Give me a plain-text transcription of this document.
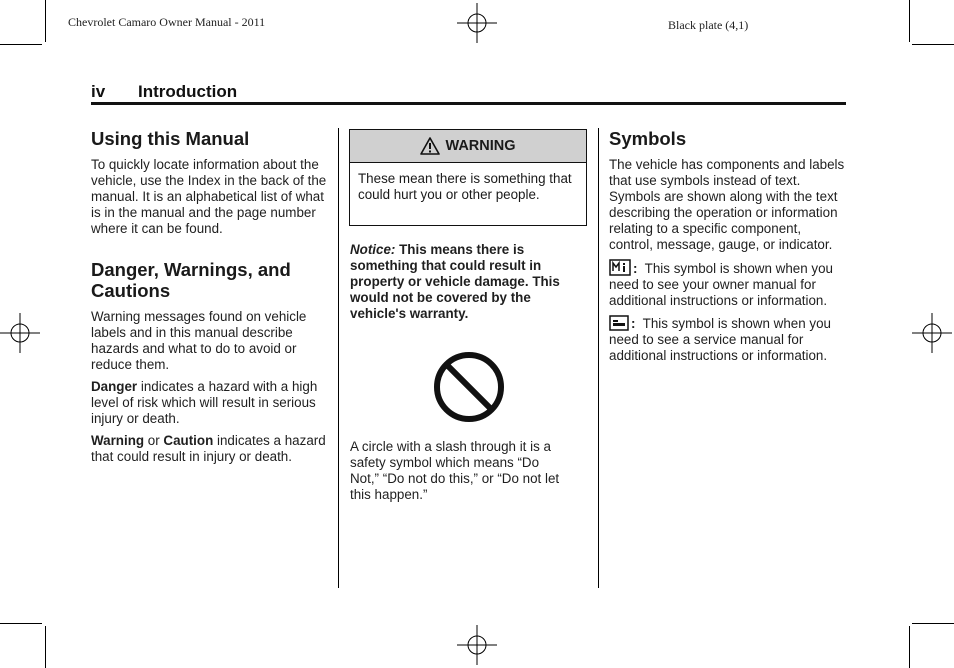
Chevrolet Camaro Owner Manual - 2011	Black plate (4,1)
iv Introduction
Using this Manual

To quickly locate information about the vehicle, use the Index in the back of the manual. It is an alphabetical list of what is in the manual and the page number where it can be found.

Danger, Warnings, and Cautions

Warning messages found on vehicle labels and in this manual describe hazards and what to do to avoid or reduce them.

Danger indicates a hazard with a high level of risk which will result in serious injury or death.

Warning or Caution indicates a hazard that could result in injury or death.

WARNING
These mean there is something that could hurt you or other people.

Notice: This means there is something that could result in property or vehicle damage. This would not be covered by the vehicle's warranty.

A circle with a slash through it is a safety symbol which means “Do Not,” “Do not do this,” or “Do not let this happen.”

Symbols

The vehicle has components and labels that use symbols instead of text. Symbols are shown along with the text describing the operation or information relating to a specific component, control, message, gauge, or indicator.

: This symbol is shown when you need to see your owner manual for additional instructions or information.

: This symbol is shown when you need to see a service manual for additional instructions or information.
